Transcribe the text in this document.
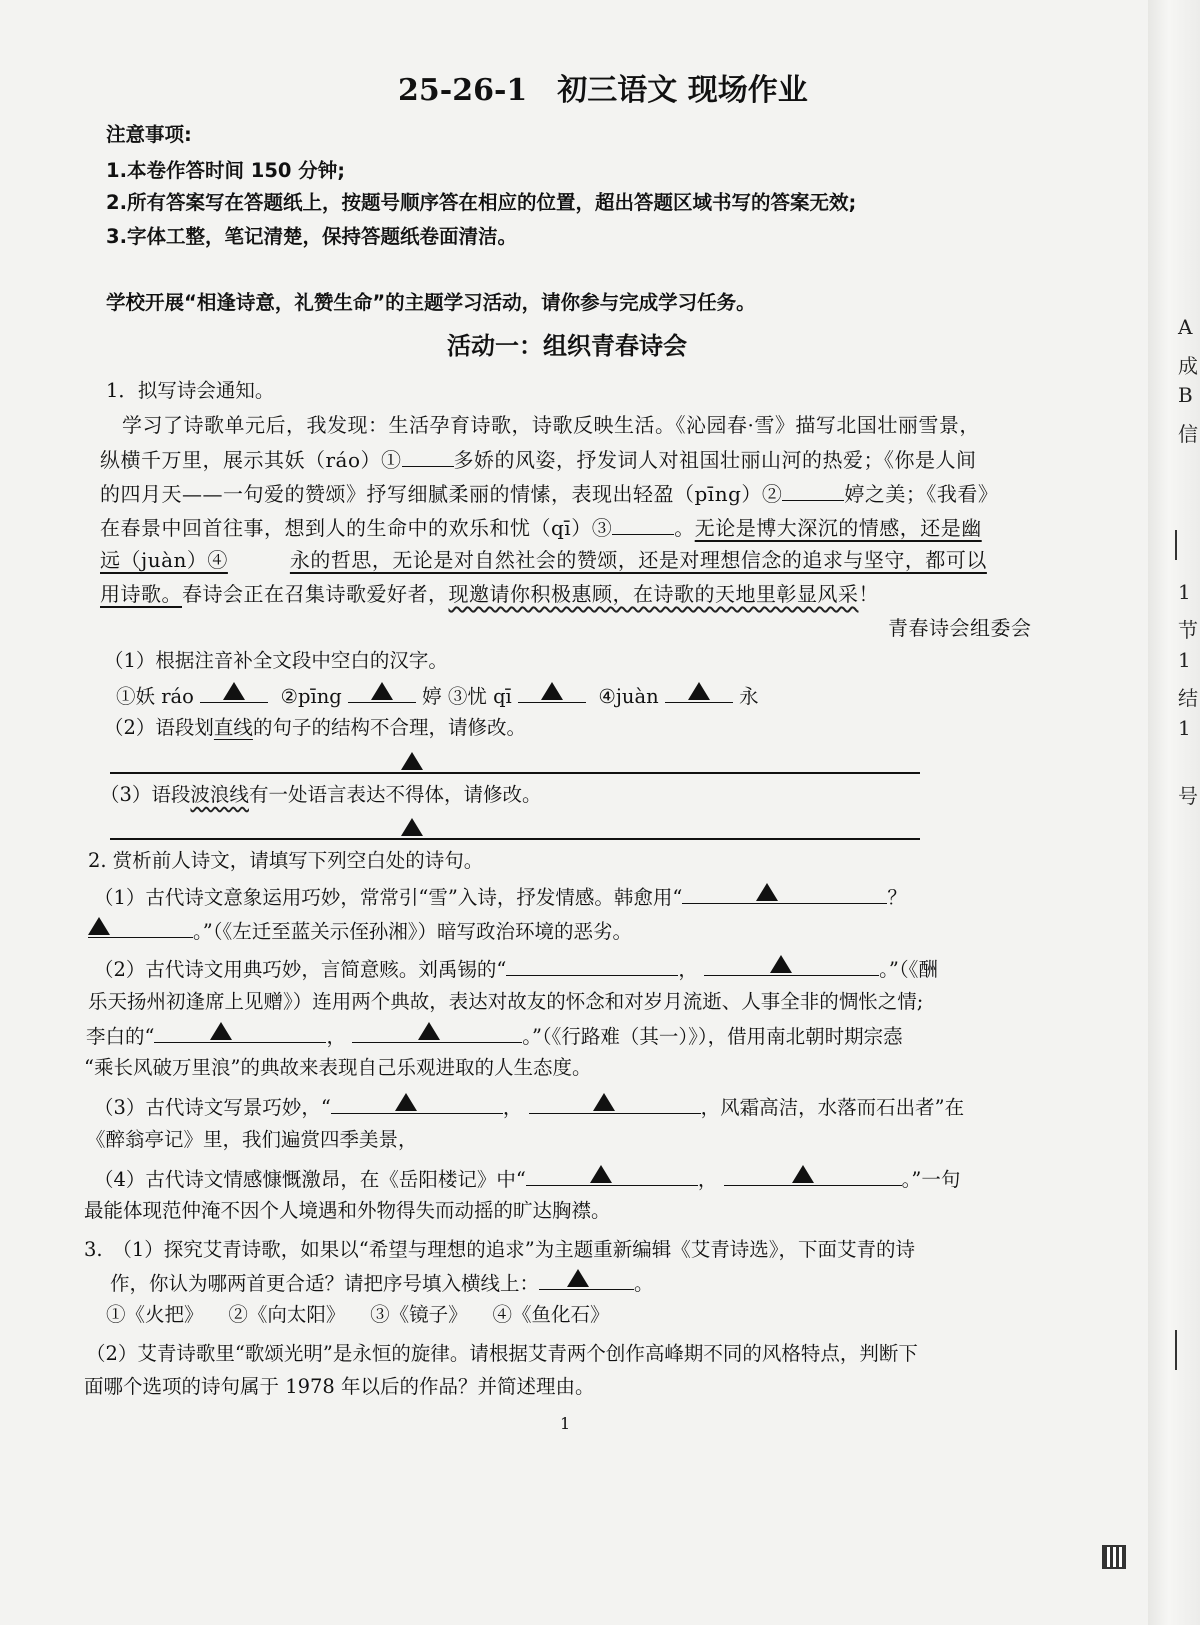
A
成
B
信
1
节
1
结
1
号
25-26-1　初三语文 现场作业
注意事项:
1.本卷作答时间 150 分钟;
2.所有答案写在答题纸上，按题号顺序答在相应的位置，超出答题区域书写的答案无效;
3.字体工整，笔记清楚，保持答题纸卷面清洁。
学校开展“相逢诗意，礼赞生命”的主题学习活动，请你参与完成学习任务。
活动一：组织青春诗会
1．拟写诗会通知。
学习了诗歌单元后，我发现：生活孕育诗歌，诗歌反映生活。《沁园春·雪》描写北国壮丽雪景，
纵横千万里，展示其妖（ráo）①	多娇的风姿，抒发词人对祖国壮丽山河的热爱；《你是人间
的四月天——一句爱的赞颂》抒写细腻柔丽的情愫，表现出轻盈（pīng）②	婷之美；《我看》
在春景中回首往事，想到人的生命中的欢乐和忧（qī）③	。无论是博大深沉的情感，还是幽
远（juàn）④	永的哲思，无论是对自然社会的赞颂，还是对理想信念的追求与坚守，都可以
用诗歌。春诗会正在召集诗歌爱好者，现邀请你积极惠顾，在诗歌的天地里彰显风采！
青春诗会组委会
（1）根据注音补全文段中空白的汉字。
①妖 ráo	②pīng	婷 ③忧 qī	④juàn	永
（2）语段划直线的句子的结构不合理，请修改。
（3）语段波浪线有一处语言表达不得体，请修改。
2. 赏析前人诗文，请填写下列空白处的诗句。
（1）古代诗文意象运用巧妙，常常引“雪”入诗，抒发情感。韩愈用“	？
。”（《左迁至蓝关示侄孙湘》）暗写政治环境的恶劣。
（2）古代诗文用典巧妙，言简意赅。刘禹锡的“	，	。”（《酬
乐天扬州初逢席上见赠》）连用两个典故，表达对故友的怀念和对岁月流逝、人事全非的惆怅之情;
李白的“	，	。”（《行路难（其一）》），借用南北朝时期宗悫
“乘长风破万里浪”的典故来表现自己乐观进取的人生态度。
（3）古代诗文写景巧妙，“	，	，风霜高洁，水落而石出者”在
《醉翁亭记》里，我们遍赏四季美景，
（4）古代诗文情感慷慨激昂，在《岳阳楼记》中“	，	。”一句
最能体现范仲淹不因个人境遇和外物得失而动摇的旷达胸襟。
3.　（1）探究艾青诗歌，如果以“希望与理想的追求”为主题重新编辑《艾青诗选》，下面艾青的诗
作，你认为哪两首更合适？请把序号填入横线上：	。
①《火把》 ②《向太阳》 ③《镜子》 ④《鱼化石》
（2）艾青诗歌里“歌颂光明”是永恒的旋律。请根据艾青两个创作高峰期不同的风格特点，判断下
面哪个选项的诗句属于 1978 年以后的作品？并简述理由。
1
